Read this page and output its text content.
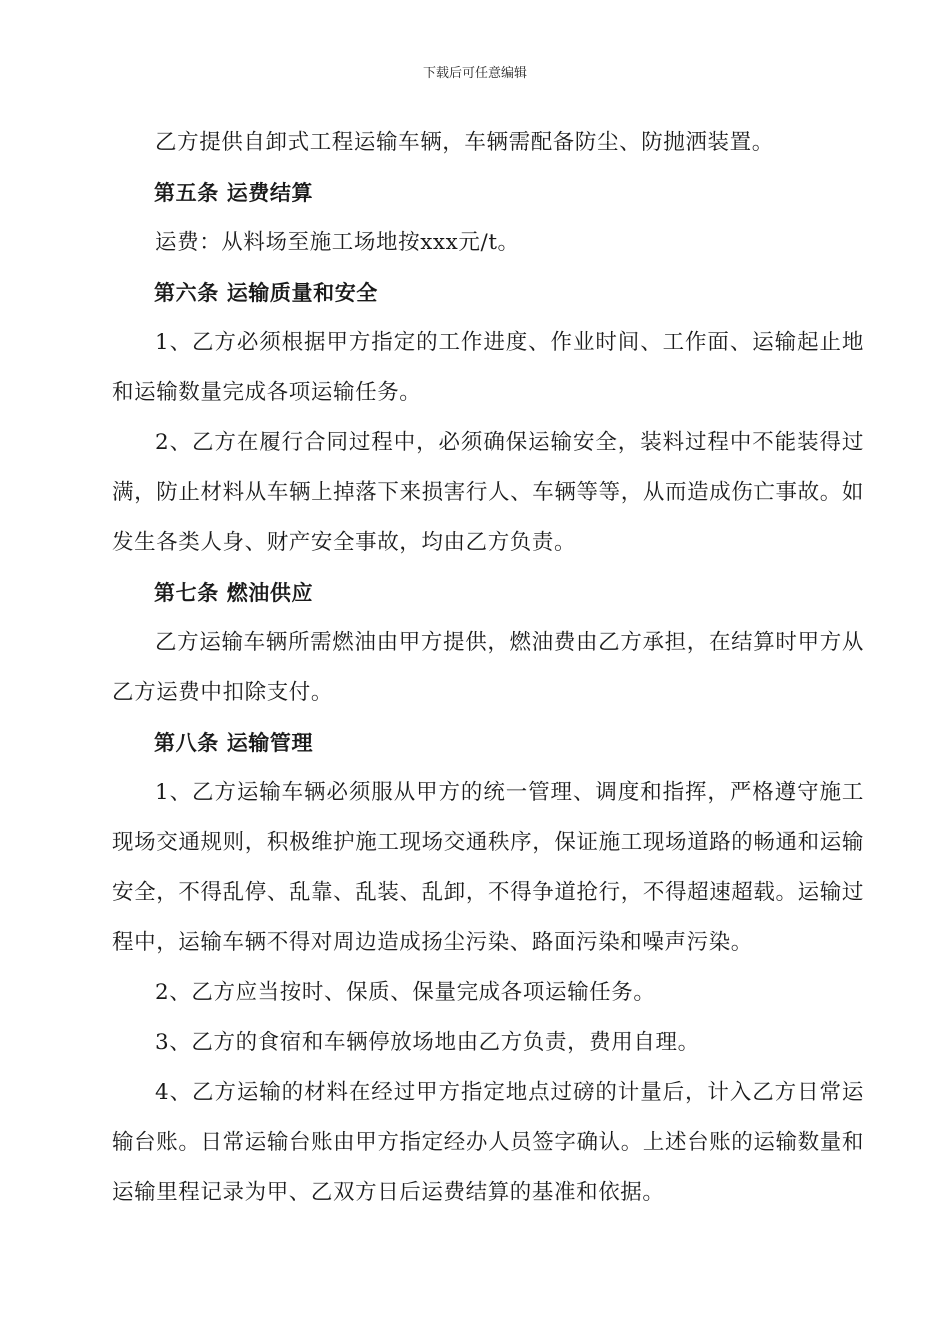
下载后可任意编辑

乙方提供自卸式工程运输车辆，车辆需配备防尘、防抛洒装置。

第五条 运费结算

运费：从料场至施工场地按xxx元/t。

第六条 运输质量和安全

1、乙方必须根据甲方指定的工作进度、作业时间、工作面、运输起止地和运输数量完成各项运输任务。

2、乙方在履行合同过程中，必须确保运输安全，装料过程中不能装得过满，防止材料从车辆上掉落下来损害行人、车辆等等，从而造成伤亡事故。如发生各类人身、财产安全事故，均由乙方负责。

第七条 燃油供应

乙方运输车辆所需燃油由甲方提供，燃油费由乙方承担，在结算时甲方从乙方运费中扣除支付。

第八条 运输管理

1、乙方运输车辆必须服从甲方的统一管理、调度和指挥，严格遵守施工现场交通规则，积极维护施工现场交通秩序，保证施工现场道路的畅通和运输安全，不得乱停、乱靠、乱装、乱卸，不得争道抢行，不得超速超载。运输过程中，运输车辆不得对周边造成扬尘污染、路面污染和噪声污染。

2、乙方应当按时、保质、保量完成各项运输任务。

3、乙方的食宿和车辆停放场地由乙方负责，费用自理。

4、乙方运输的材料在经过甲方指定地点过磅的计量后，计入乙方日常运输台账。日常运输台账由甲方指定经办人员签字确认。上述台账的运输数量和运输里程记录为甲、乙双方日后运费结算的基准和依据。
